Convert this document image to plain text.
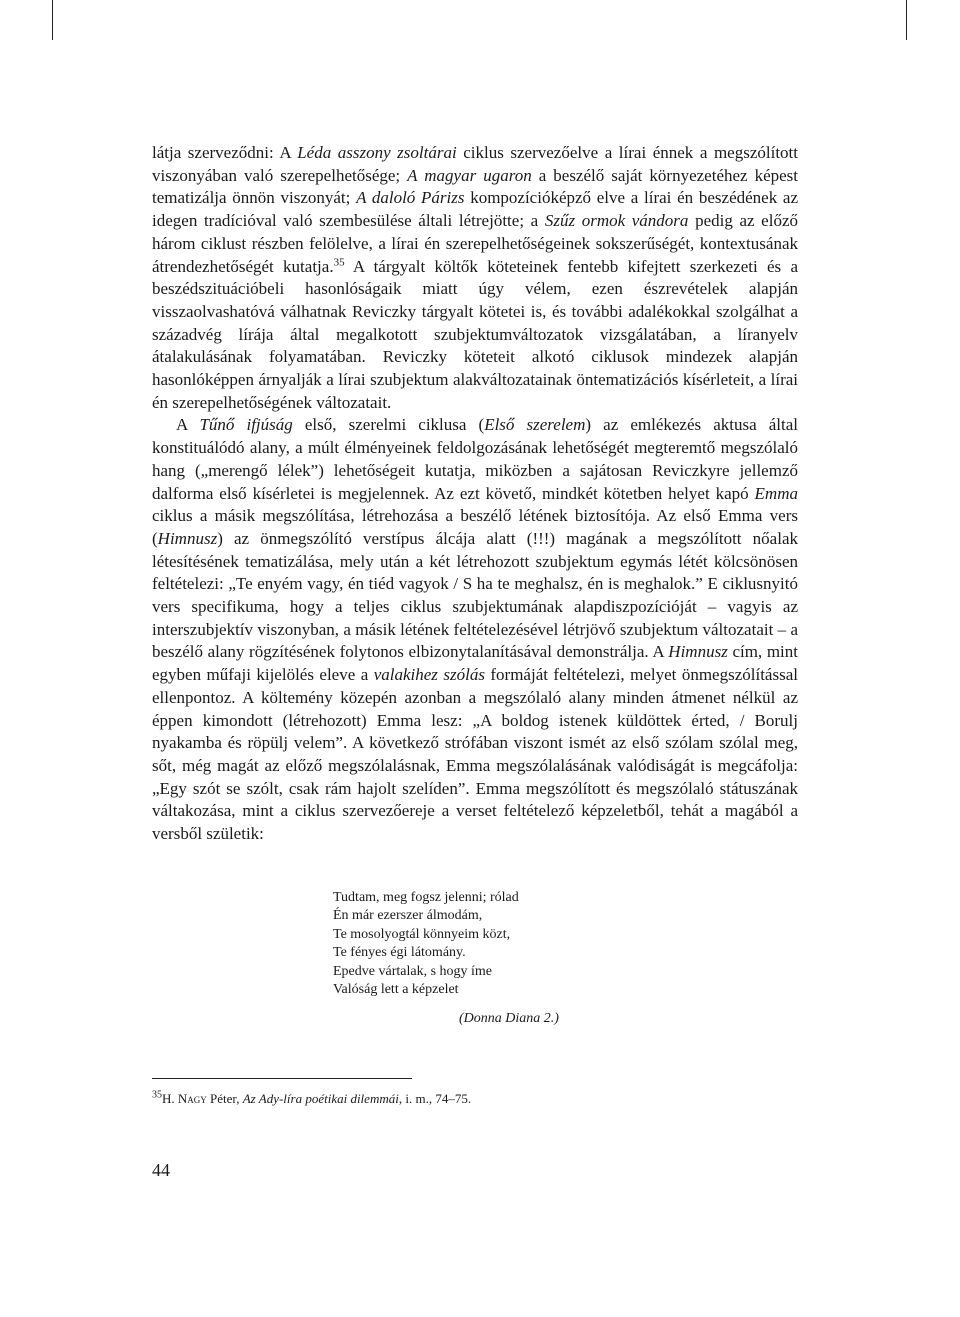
látja szerveződni: A Léda asszony zsoltárai ciklus szervezőelve a lírai énnek a megszólított viszonyában való szerepelhetősége; A magyar ugaron a beszélő saját környezetéhez képest tematizálja önnön viszonyát; A daloló Párizs kompozícióképző elve a lírai én beszédének az idegen tradícióval való szembesülése általi létrejötte; a Szűz ormok vándora pedig az előző három ciklust részben felölelve, a lírai én szerepelhetőségeinek sokszerűségét, kontextusának átrendezhetőségét kutatja.$^{35}$ A tárgyalt költők köteteinek fentebb kifejtett szerkezeti és a beszédszituációbeli hasonlóságaik miatt úgy vélem, ezen észrevételek alapján visszaolvashatóvá válhatnak Reviczky tárgyalt kötetei is, és további adalékokkal szolgálhat a századvég lírája által megalkotott szubjektumváltozatok vizsgálatában, a líranyelv átalakulásának folyamatában. Reviczky köteteit alkotó ciklusok mindezek alapján hasonlóképpen árnyalják a lírai szubjektum alakváltozatainak öntematizációs kísérleteit, a lírai én szerepelhetőségének változatait.

A Tűnő ifjúság első, szerelmi ciklusa (Első szerelem) az emlékezés aktusa által konstituálódó alany, a múlt élményeinek feldolgozásának lehetőségét megteremtő megszólaló hang („merengő lélek”) lehetőségeit kutatja, miközben a sajátosan Reviczkyre jellemző dalforma első kísérletei is megjelennek. Az ezt követő, mindkét kötetben helyet kapó Emma ciklus a másik megszólítása, létrehozása a beszélő létének biztosítója. Az első Emma vers (Himnusz) az önmegszólító verstípus álcája alatt (!!!) magának a megszólított nőalak létesítésének tematizálása, mely után a két létrehozott szubjektum egymás létét kölcsönösen feltételezi: „Te enyém vagy, én tiéd vagyok / S ha te meghalsz, én is meghalok.” E ciklusnyitó vers specifikuma, hogy a teljes ciklus szubjektumának alapdiszpozícióját – vagyis az interszubjektív viszonyban, a másik létének feltételezésével létrjövő szubjektum változatait – a beszélő alany rögzítésének folytonos elbizonytalanításával demonstrálja. A Himnusz cím, mint egyben műfaji kijelölés eleve a valakihez szólás formáját feltételezi, melyet önmegszólítással ellenpontoz. A költemény közepén azonban a megszólaló alany minden átmenet nélkül az éppen kimondott (létrehozott) Emma lesz: „A boldog istenek küldöttek érted, / Borulj nyakamba és röpülj velem”. A következő strófában viszont ismét az első szólam szólal meg, sőt, még magát az előző megszólalásnak, Emma megszólalásának valódiságát is megcáfolja: „Egy szót se szólt, csak rám hajolt szelíden”. Emma megszólított és megszólaló státuszának váltakozása, mint a ciklus szervezőereje a verset feltételező képzeletből, tehát a magából a versből születik:

Tudtam, meg fogsz jelenni; rólad
Én már ezerszer álmodám,
Te mosolyogtál könnyeim közt,
Te fényes égi látomány.
Epedve vártalak, s hogy íme
Valóság lett a képzelet
(Donna Diana 2.)
$^{35}$H. Nagy Péter, Az Ady-líra poétikai dilemmái, i. m., 74–75.
44
